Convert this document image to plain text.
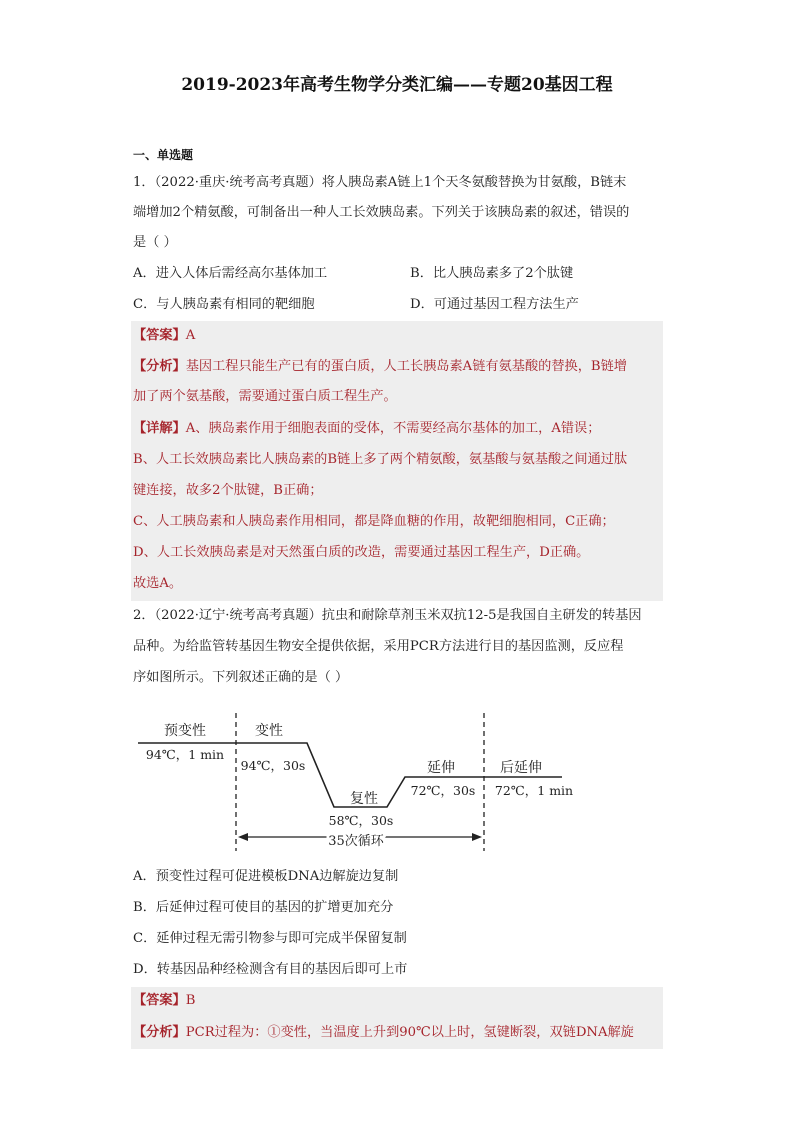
2019-2023年高考生物学分类汇编——专题20基因工程
一、单选题
1．（2022·重庆·统考高考真题）将人胰岛素A链上1个天冬氨酸替换为甘氨酸，B链末
端增加2个精氨酸，可制备出一种人工长效胰岛素。下列关于该胰岛素的叙述，错误的
是（ ）
A．进入人体后需经高尔基体加工	B．比人胰岛素多了2个肽键
C．与人胰岛素有相同的靶细胞	D．可通过基因工程方法生产
【答案】A
【分析】基因工程只能生产已有的蛋白质，人工长胰岛素A链有氨基酸的替换，B链增
加了两个氨基酸，需要通过蛋白质工程生产。
【详解】A、胰岛素作用于细胞表面的受体，不需要经高尔基体的加工，A错误；
B、人工长效胰岛素比人胰岛素的B链上多了两个精氨酸，氨基酸与氨基酸之间通过肽
键连接，故多2个肽键，B正确；
C、人工胰岛素和人胰岛素作用相同，都是降血糖的作用，故靶细胞相同，C正确；
D、人工长效胰岛素是对天然蛋白质的改造，需要通过基因工程生产，D正确。
故选A。
2．（2022·辽宁·统考高考真题）抗虫和耐除草剂玉米双抗12-5是我国自主研发的转基因
品种。为给监管转基因生物安全提供依据，采用PCR方法进行目的基因监测，反应程
序如图所示。下列叙述正确的是（ ）
预变性
94℃，1 min
变性
94℃，30s
复性
58℃，30s
延伸
72℃，30s
后延伸
72℃，1 min
35次循环
A．预变性过程可促进模板DNA边解旋边复制
B．后延伸过程可使目的基因的扩增更加充分
C．延伸过程无需引物参与即可完成半保留复制
D．转基因品种经检测含有目的基因后即可上市
【答案】B
【分析】PCR过程为：①变性，当温度上升到90℃以上时，氢键断裂，双链DNA解旋
